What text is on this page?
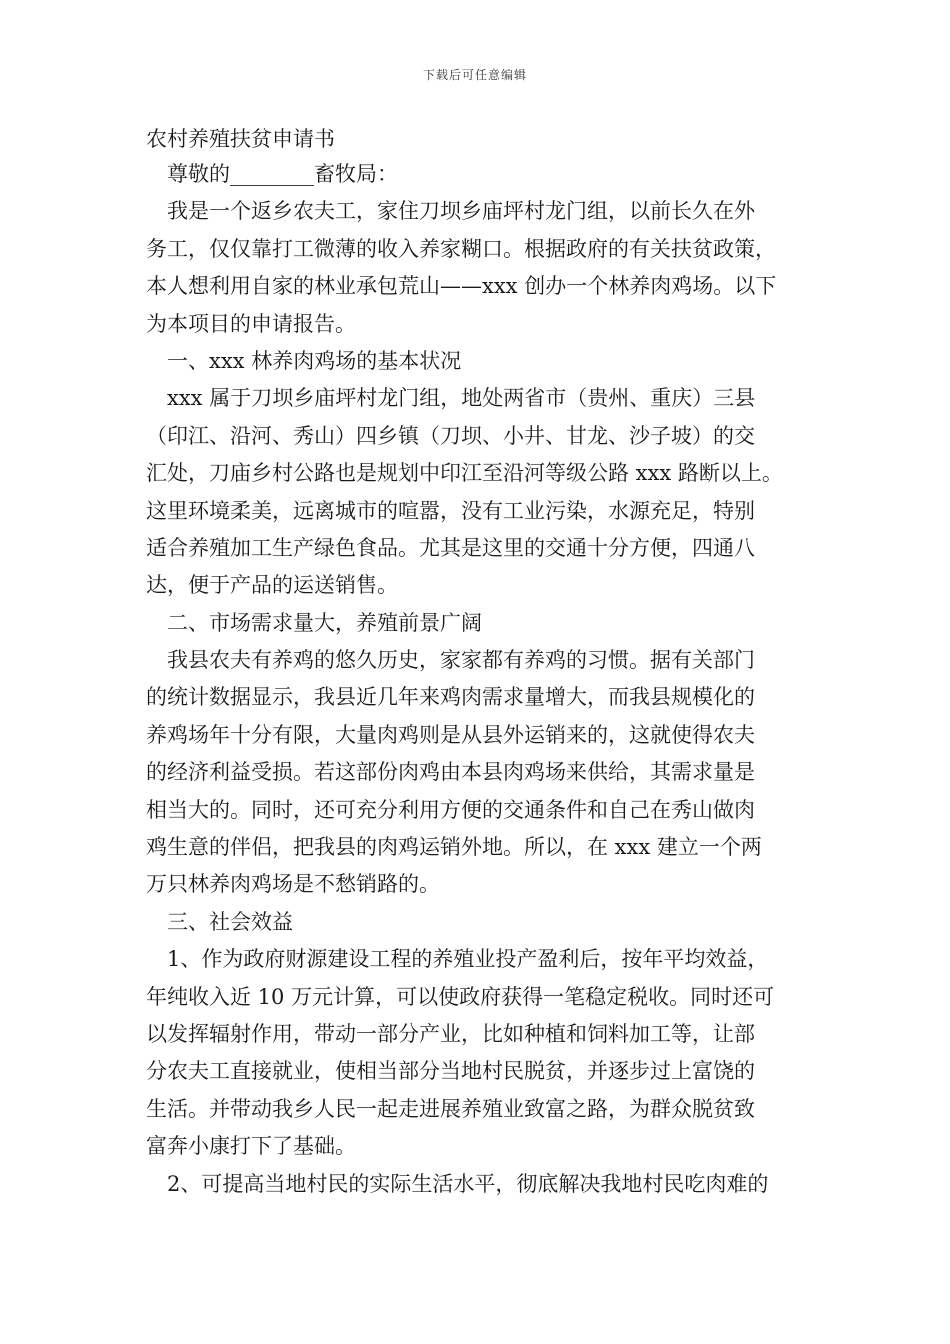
下载后可任意编辑
农村养殖扶贫申请书
　尊敬的________畜牧局：
　我是一个返乡农夫工，家住刀坝乡庙坪村龙门组，以前长久在外
务工，仅仅靠打工微薄的收入养家糊口。根据政府的有关扶贫政策，
本人想利用自家的林业承包荒山——xxx 创办一个林养肉鸡场。以下
为本项目的申请报告。
　一、xxx 林养肉鸡场的基本状况
　xxx 属于刀坝乡庙坪村龙门组，地处两省市（贵州、重庆）三县
（印江、沿河、秀山）四乡镇（刀坝、小井、甘龙、沙子坡）的交
汇处，刀庙乡村公路也是规划中印江至沿河等级公路 xxx 路断以上。
这里环境柔美，远离城市的喧嚣，没有工业污染，水源充足，特别
适合养殖加工生产绿色食品。尤其是这里的交通十分方便，四通八
达，便于产品的运送销售。
　二、市场需求量大，养殖前景广阔
　我县农夫有养鸡的悠久历史，家家都有养鸡的习惯。据有关部门
的统计数据显示，我县近几年来鸡肉需求量增大，而我县规模化的
养鸡场年十分有限，大量肉鸡则是从县外运销来的，这就使得农夫
的经济利益受损。若这部份肉鸡由本县肉鸡场来供给，其需求量是
相当大的。同时，还可充分利用方便的交通条件和自己在秀山做肉
鸡生意的伴侣，把我县的肉鸡运销外地。所以，在 xxx 建立一个两
万只林养肉鸡场是不愁销路的。
　三、社会效益
　1、作为政府财源建设工程的养殖业投产盈利后，按年平均效益，
年纯收入近 10 万元计算，可以使政府获得一笔稳定税收。同时还可
以发挥辐射作用，带动一部分产业，比如种植和饲料加工等，让部
分农夫工直接就业，使相当部分当地村民脱贫，并逐步过上富饶的
生活。并带动我乡人民一起走进展养殖业致富之路，为群众脱贫致
富奔小康打下了基础。
　2、可提高当地村民的实际生活水平，彻底解决我地村民吃肉难的
